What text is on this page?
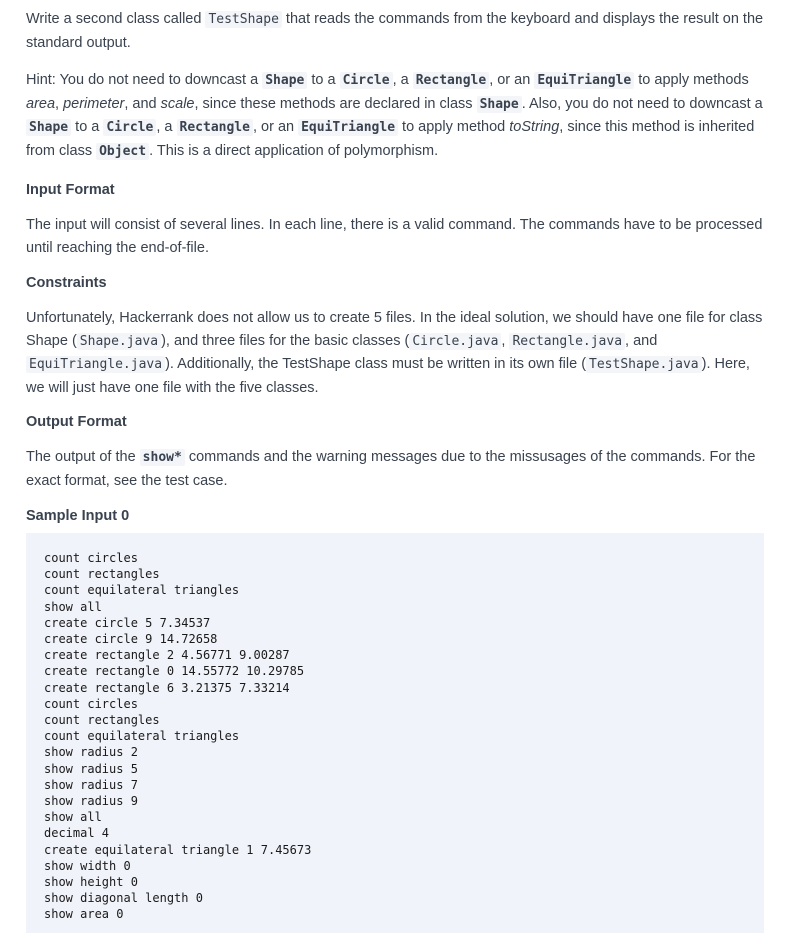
Write a second class called TestShape that reads the commands from the keyboard and displays the result on the standard output.

Hint: You do not need to downcast a Shape to a Circle , a Rectangle , or an EquiTriangle to apply methods area, perimeter, and scale, since these methods are declared in class Shape . Also, you do not need to downcast a Shape to a Circle , a Rectangle , or an EquiTriangle to apply method toString, since this method is inherited from class Object . This is a direct application of polymorphism.

Input Format

The input will consist of several lines. In each line, there is a valid command. The commands have to be processed until reaching the end-of-file.

Constraints

Unfortunately, Hackerrank does not allow us to create 5 files. In the ideal solution, we should have one file for class Shape ( Shape.java ), and three files for the basic classes ( Circle.java , Rectangle.java , and EquiTriangle.java ). Additionally, the TestShape class must be written in its own file ( TestShape.java ). Here, we will just have one file with the five classes.

Output Format

The output of the show* commands and the warning messages due to the missusages of the commands. For the exact format, see the test case.

Sample Input 0
count circles
count rectangles
count equilateral triangles
show all
create circle 5 7.34537
create circle 9 14.72658
create rectangle 2 4.56771 9.00287
create rectangle 0 14.55772 10.29785
create rectangle 6 3.21375 7.33214
count circles
count rectangles
count equilateral triangles
show radius 2
show radius 5
show radius 7
show radius 9
show all
decimal 4
create equilateral triangle 1 7.45673
show width 0
show height 0
show diagonal length 0
show area 0
